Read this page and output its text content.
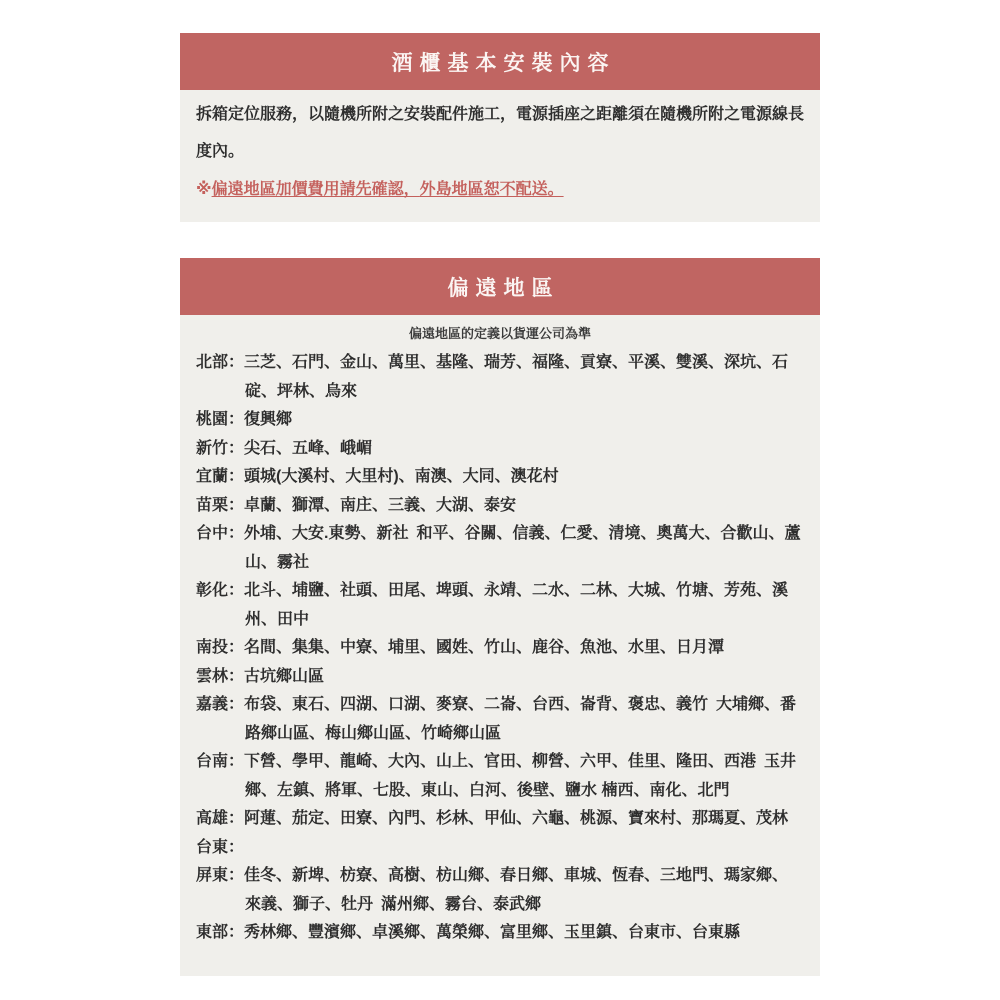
酒櫃基本安裝內容

拆箱定位服務，以隨機所附之安裝配件施工，電源插座之距離須在隨機所附之電源線長度內。

※偏遠地區加價費用請先確認，外島地區恕不配送。

偏遠地區

偏遠地區的定義以貨運公司為準

北部：三芝、石門、金山、萬里、基隆、瑞芳、福隆、貢寮、平溪、雙溪、深坑、石碇、坪林、烏來
桃園：復興鄉
新竹：尖石、五峰、峨嵋
宜蘭：頭城(大溪村、大里村)、南澳、大同、澳花村
苗栗：卓蘭、獅潭、南庄、三義、大湖、泰安
台中：外埔、大安.東勢、新社 和平、谷關、信義、仁愛、清境、奧萬大、合歡山、蘆山、霧社
彰化：北斗、埔鹽、社頭、田尾、埤頭、永靖、二水、二林、大城、竹塘、芳苑、溪州、田中
南投：名間、集集、中寮、埔里、國姓、竹山、鹿谷、魚池、水里、日月潭
雲林：古坑鄉山區
嘉義：布袋、東石、四湖、口湖、麥寮、二崙、台西、崙背、褒忠、義竹 大埔鄉、番路鄉山區、梅山鄉山區、竹崎鄉山區
台南：下營、學甲、龍崎、大內、山上、官田、柳營、六甲、佳里、隆田、西港 玉井鄉、左鎮、將軍、七股、東山、白河、後壁、鹽水 楠西、南化、北門
高雄：阿蓮、茄定、田寮、內門、杉林、甲仙、六龜、桃源、寶來村、那瑪夏、茂林
台東：
屏東：佳冬、新埤、枋寮、高樹、枋山鄉、春日鄉、車城、恆春、三地門、瑪家鄉、來義、獅子、牡丹 滿州鄉、霧台、泰武鄉
東部：秀林鄉、豐濱鄉、卓溪鄉、萬榮鄉、富里鄉、玉里鎮、台東市、台東縣
